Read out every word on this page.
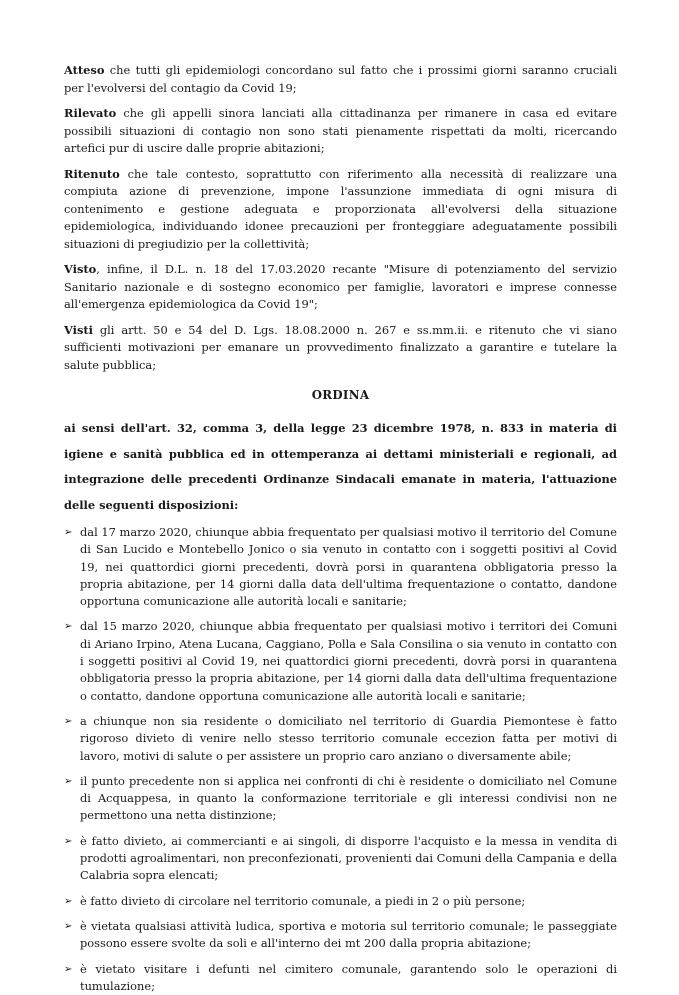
Atteso che tutti gli epidemiologi concordano sul fatto che i prossimi giorni saranno cruciali per l'evolversi del contagio da Covid 19;

Rilevato che gli appelli sinora lanciati alla cittadinanza per rimanere in casa ed evitare possibili situazioni di contagio non sono stati pienamente rispettati da molti, ricercando artefici pur di uscire dalle proprie abitazioni;

Ritenuto che tale contesto, soprattutto con riferimento alla necessità di realizzare una compiuta azione di prevenzione, impone l'assunzione immediata di ogni misura di contenimento e gestione adeguata e proporzionata all'evolversi della situazione epidemiologica, individuando idonee precauzioni per fronteggiare adeguatamente possibili situazioni di pregiudizio per la collettività;

Visto, infine, il D.L. n. 18 del 17.03.2020 recante "Misure di potenziamento del servizio Sanitario nazionale e di sostegno economico per famiglie, lavoratori e imprese connesse all'emergenza epidemiologica da Covid 19";

Visti gli artt. 50 e 54 del D. Lgs. 18.08.2000 n. 267 e ss.mm.ii. e ritenuto che vi siano sufficienti motivazioni per emanare un provvedimento finalizzato a garantire e tutelare la salute pubblica;

ORDINA

ai sensi dell'art. 32, comma 3, della legge 23 dicembre 1978, n. 833 in materia di igiene e sanità pubblica ed in ottemperanza ai dettami ministeriali e regionali, ad integrazione delle precedenti Ordinanze Sindacali emanate in materia, l'attuazione delle seguenti disposizioni:

➢ dal 17 marzo 2020, chiunque abbia frequentato per qualsiasi motivo il territorio del Comune di San Lucido e Montebello Jonico o sia venuto in contatto con i soggetti positivi al Covid 19, nei quattordici giorni precedenti, dovrà porsi in quarantena obbligatoria presso la propria abitazione, per 14 giorni dalla data dell'ultima frequentazione o contatto, dandone opportuna comunicazione alle autorità locali e sanitarie;
➢ dal 15 marzo 2020, chiunque abbia frequentato per qualsiasi motivo i territori dei Comuni di Ariano Irpino, Atena Lucana, Caggiano, Polla e Sala Consilina o sia venuto in contatto con i soggetti positivi al Covid 19, nei quattordici giorni precedenti, dovrà porsi in quarantena obbligatoria presso la propria abitazione, per 14 giorni dalla data dell'ultima frequentazione o contatto, dandone opportuna comunicazione alle autorità locali e sanitarie;
➢ a chiunque non sia residente o domiciliato nel territorio di Guardia Piemontese è fatto rigoroso divieto di venire nello stesso territorio comunale eccezion fatta per motivi di lavoro, motivi di salute o per assistere un proprio caro anziano o diversamente abile;
➢ il punto precedente non si applica nei confronti di chi è residente o domiciliato nel Comune di Acquappesa, in quanto la conformazione territoriale e gli interessi condivisi non ne permettono una netta distinzione;
➢ è fatto divieto, ai commercianti e ai singoli, di disporre l'acquisto e la messa in vendita di prodotti agroalimentari, non preconfezionati, provenienti dai Comuni della Campania e della Calabria sopra elencati;
➢ è fatto divieto di circolare nel territorio comunale, a piedi in 2 o più persone;
➢ è vietata qualsiasi attività ludica, sportiva e motoria sul territorio comunale; le passeggiate possono essere svolte da soli e all'interno dei mt 200 dalla propria abitazione;
➢ è vietato visitare i defunti nel cimitero comunale, garantendo solo le operazioni di tumulazione;
